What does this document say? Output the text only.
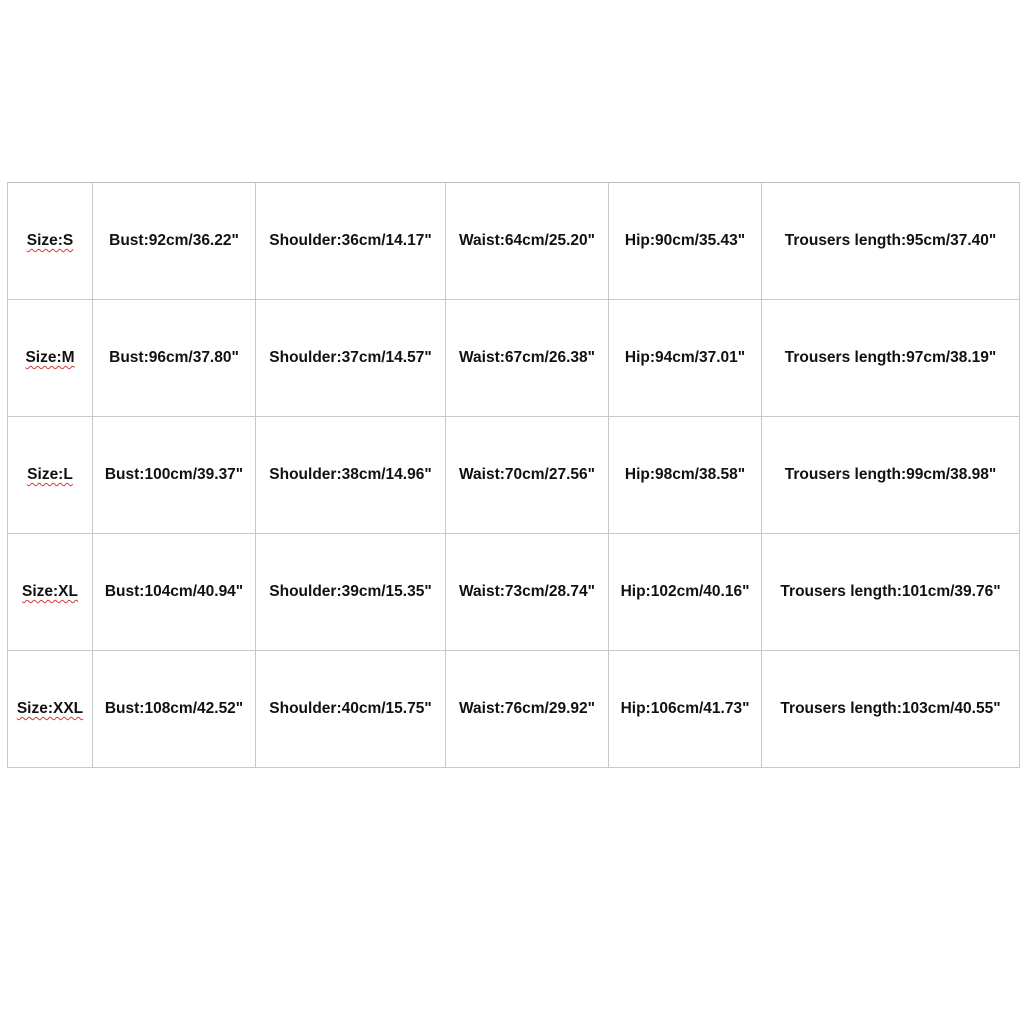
Size:S	Bust:92cm/36.22"	Shoulder:36cm/14.17"	Waist:64cm/25.20"	Hip:90cm/35.43"	Trousers length:95cm/37.40"
Size:M	Bust:96cm/37.80"	Shoulder:37cm/14.57"	Waist:67cm/26.38"	Hip:94cm/37.01"	Trousers length:97cm/38.19"
Size:L	Bust:100cm/39.37"	Shoulder:38cm/14.96"	Waist:70cm/27.56"	Hip:98cm/38.58"	Trousers length:99cm/38.98"
Size:XL	Bust:104cm/40.94"	Shoulder:39cm/15.35"	Waist:73cm/28.74"	Hip:102cm/40.16"	Trousers length:101cm/39.76"
Size:XXL	Bust:108cm/42.52"	Shoulder:40cm/15.75"	Waist:76cm/29.92"	Hip:106cm/41.73"	Trousers length:103cm/40.55"
